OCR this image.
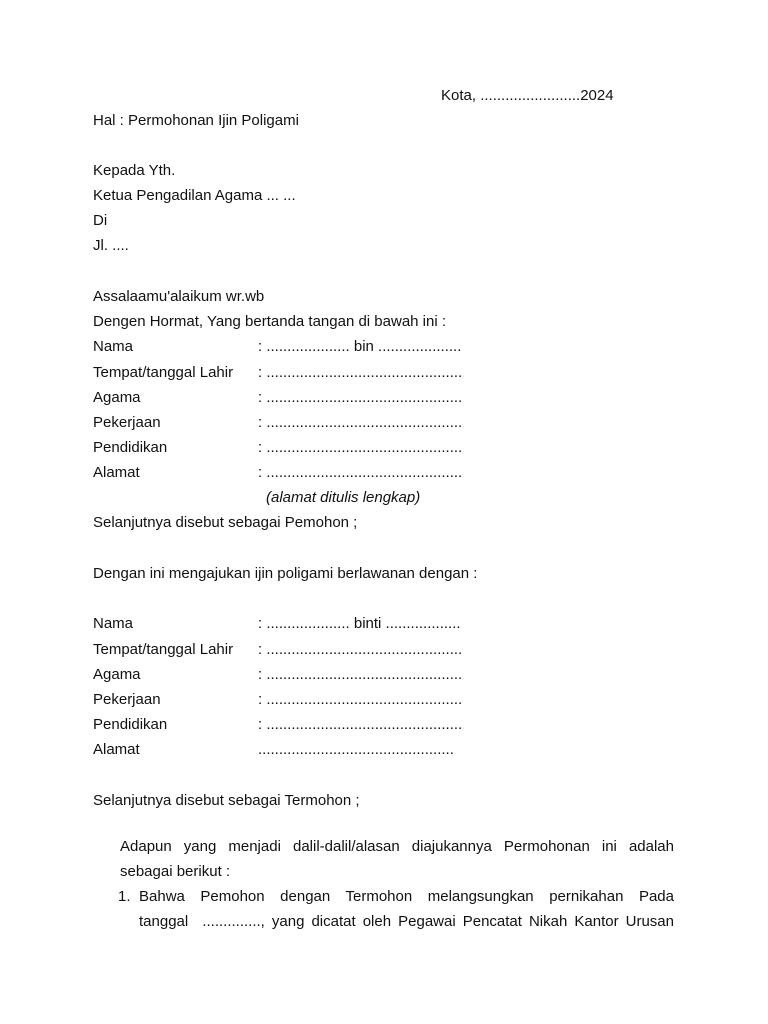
Kota, ........................2024
Hal : Permohonan Ijin Poligami
Kepada Yth.
Ketua Pengadilan Agama ... ...
Di
Jl. ....
Assalaamu'alaikum wr.wb
Dengen Hormat, Yang bertanda tangan di bawah ini :
Nama	: .................... bin ....................
Tempat/tanggal Lahir : ...............................................
Agama	: ...............................................
Pekerjaan	: ...............................................
Pendidikan	: ...............................................
Alamat	: ...............................................
(alamat ditulis lengkap)
Selanjutnya disebut sebagai Pemohon ;
Dengan ini mengajukan ijin poligami berlawanan dengan :
Nama	: .................... binti ..................
Tempat/tanggal Lahir : ...............................................
Agama	: ...............................................
Pekerjaan	: ...............................................
Pendidikan	: ...............................................
Alamat	...............................................
Selanjutnya disebut sebagai Termohon ;
Adapun yang menjadi dalil-dalil/alasan diajukannya Permohonan ini adalah
sebagai berikut :
1. Bahwa Pemohon dengan Termohon melangsungkan pernikahan Pada
tanggal  .............., yang dicatat oleh Pegawai Pencatat Nikah Kantor Urusan
